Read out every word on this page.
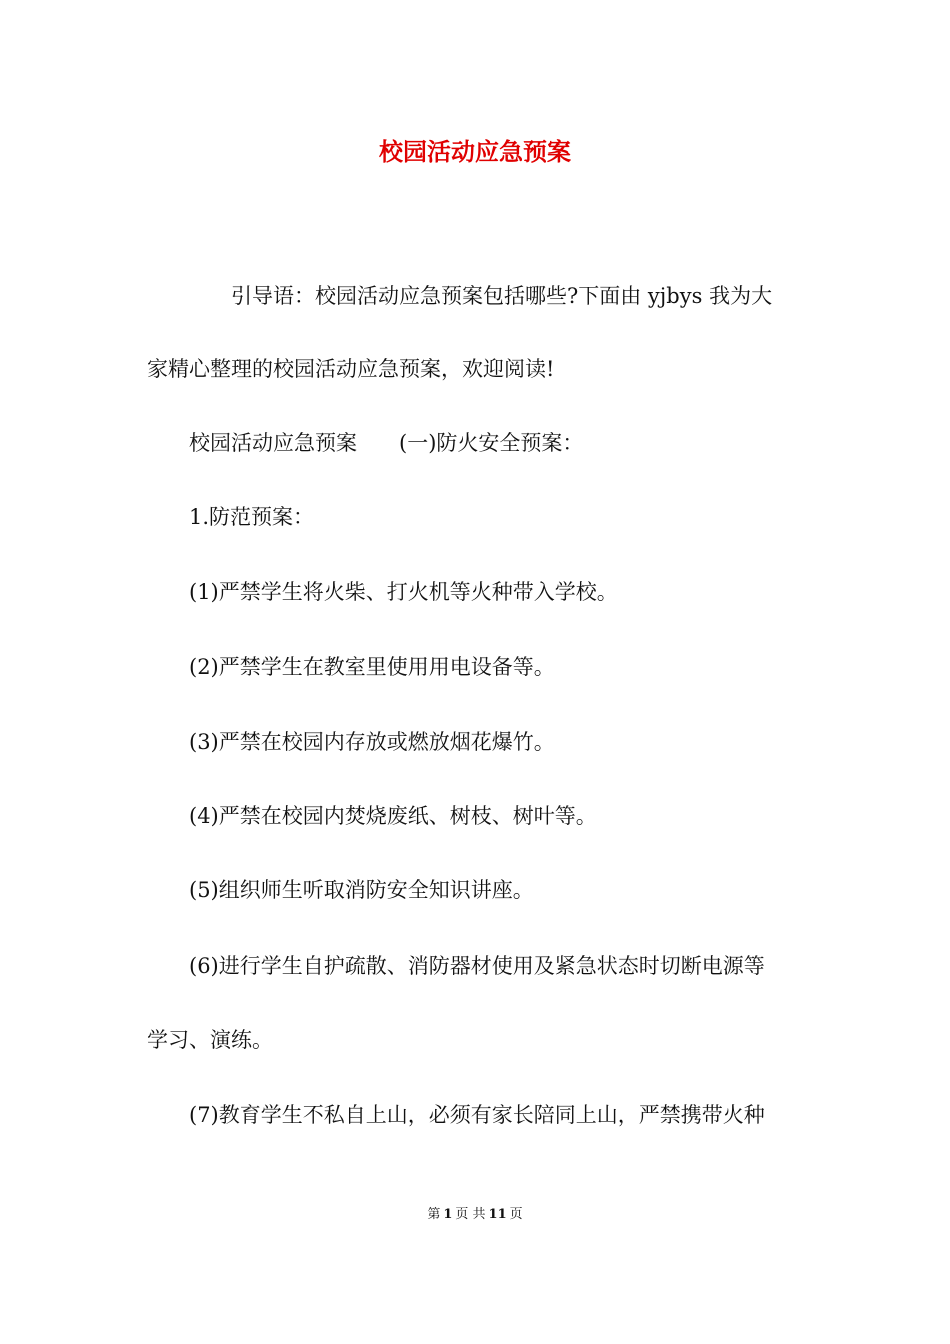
校园活动应急预案
引导语：校园活动应急预案包括哪些?下面由 yjbys 我为大
家精心整理的校园活动应急预案，欢迎阅读!
校园活动应急预案　　(一)防火安全预案：
1.防范预案：
(1)严禁学生将火柴、打火机等火种带入学校。
(2)严禁学生在教室里使用用电设备等。
(3)严禁在校园内存放或燃放烟花爆竹。
(4)严禁在校园内焚烧废纸、树枝、树叶等。
(5)组织师生听取消防安全知识讲座。
(6)进行学生自护疏散、消防器材使用及紧急状态时切断电源等
学习、演练。
(7)教育学生不私自上山，必须有家长陪同上山，严禁携带火种
第 1 页 共 11 页
